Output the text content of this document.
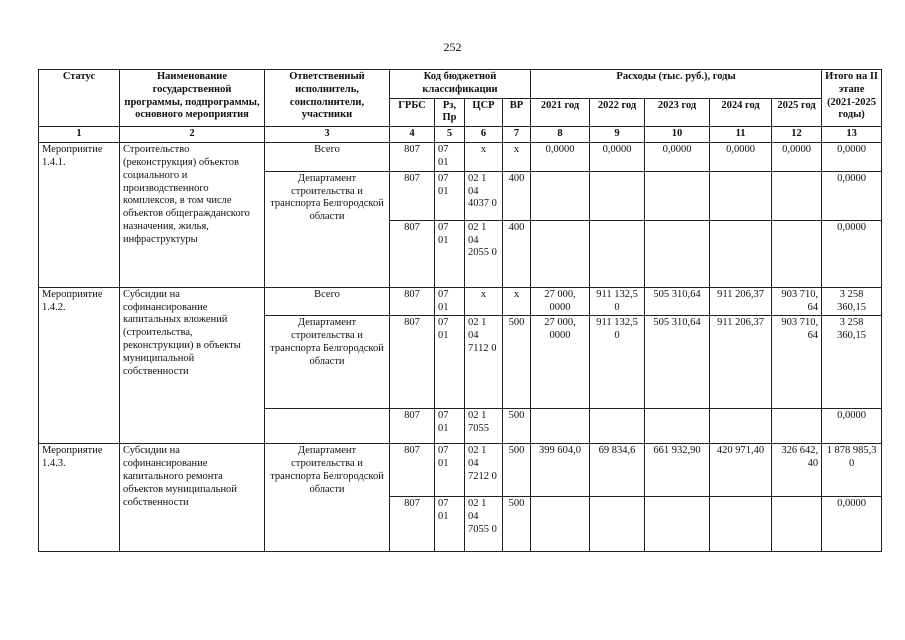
252
Статус	Наименование государственной программы, подпрограммы, основного мероприятия	Ответственный исполнитель, соисполнители, участники	Код бюджетной классификации				Расходы (тыс. руб.), годы					Итого на II этапе (2021-2025 годы)
			ГРБС	Рз, Пр	ЦСР	ВР	2021 год	2022 год	2023 год	2024 год	2025 год	
1	2	3	4	5	6	7	8	9	10	11	12	13
Мероприятие 1.4.1.	Строительство (реконструкция) объектов социального и производственного комплексов, в том числе объектов общегражданского назначения, жилья, инфраструктуры	Всего	807	07 01	х	х	0,0000	0,0000	0,0000	0,0000	0,0000	0,0000
		Департамент строительства и транспорта Белгородской области	807	07 01	02 1 04 4037 0	400						0,0000
			807	07 01	02 1 04 2055 0	400						0,0000
Мероприятие 1.4.2.	Субсидии на софинансирование капитальных вложений (строительства, реконструкции) в объекты муниципальной собственности	Всего	807	07 01	х	х	27 000, 0000	911 132,5 0	505 310,64	911 206,37	903 710, 64	3 258 360,15
		Департамент строительства и транспорта Белгородской области	807	07 01	02 1 04 7112 0	500	27 000, 0000	911 132,5 0	505 310,64	911 206,37	903 710, 64	3 258 360,15
			807	07 01	02 1 7055	500						0,0000
Мероприятие 1.4.3.	Субсидии на софинансирование капитального ремонта объектов муниципальной собственности	Департамент строительства и транспорта Белгородской области	807	07 01	02 1 04 7212 0	500	399 604,0	69 834,6	661 932,90	420 971,40	326 642, 40	1 878 985,3 0
			807	07 01	02 1 04 7055 0	500						0,0000
